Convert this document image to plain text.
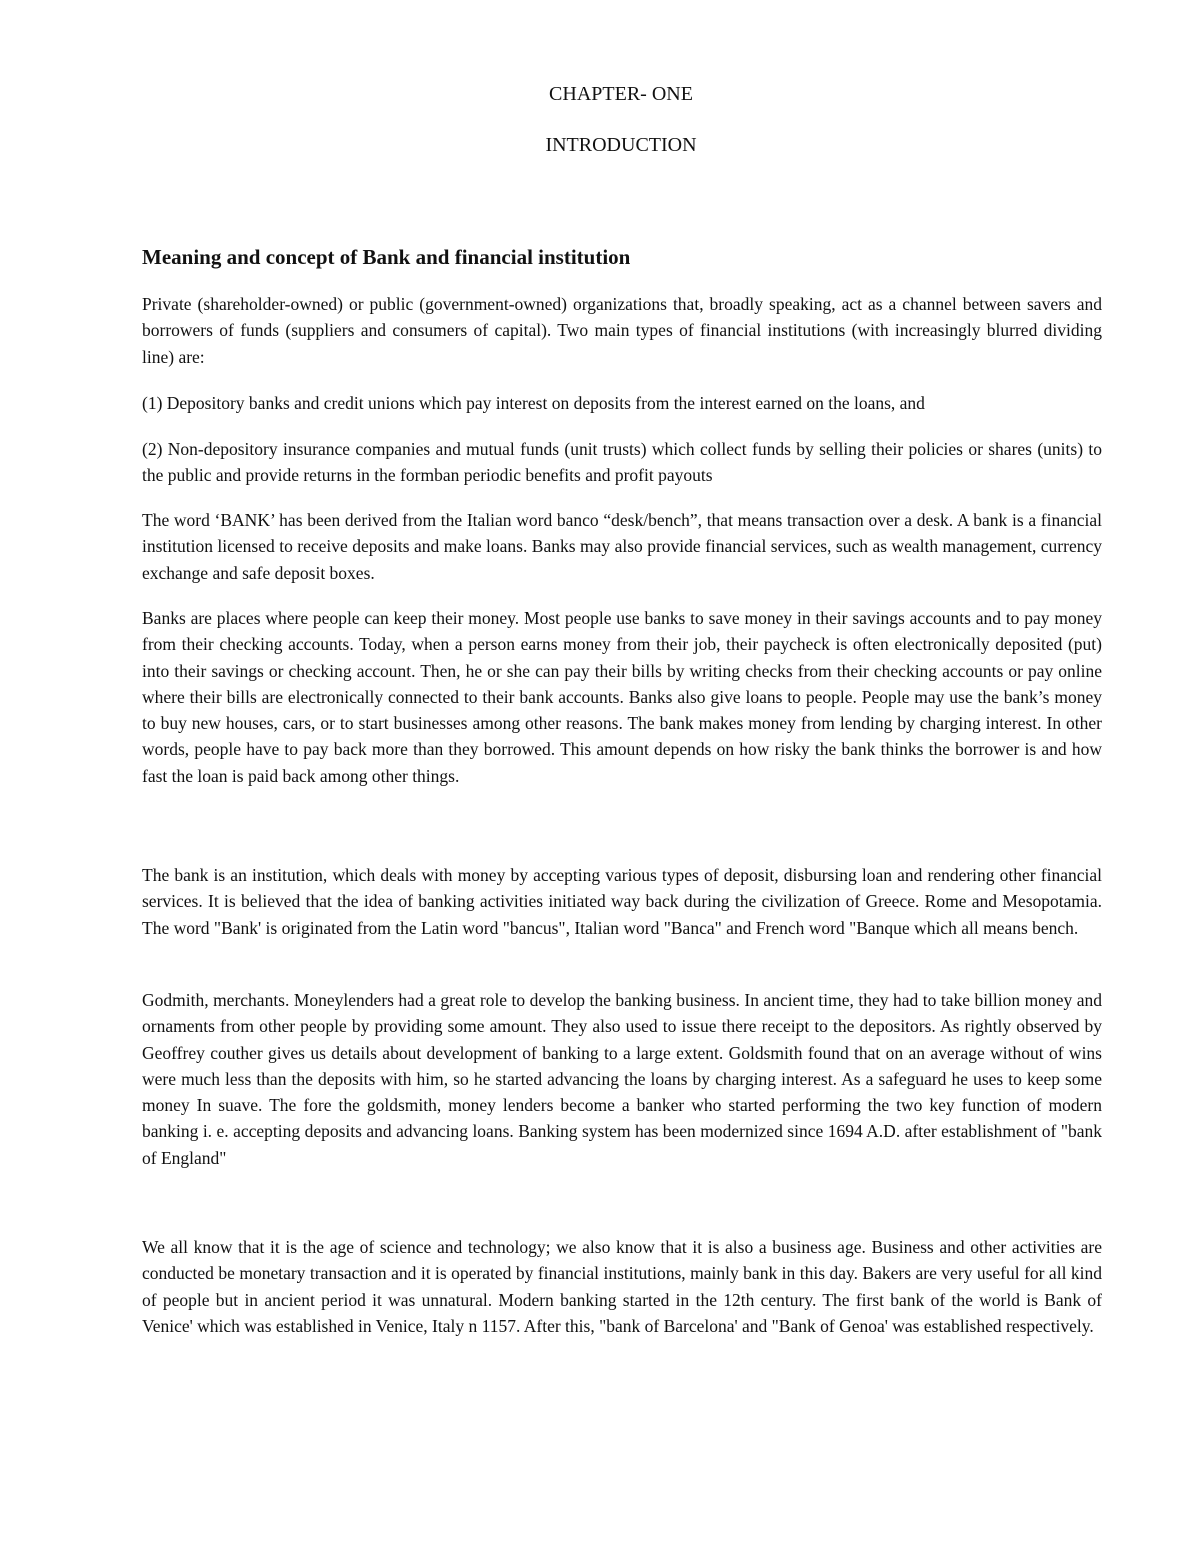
CHAPTER- ONE
INTRODUCTION
Meaning and concept of Bank and financial institution

Private (shareholder-owned) or public (government-owned) organizations that, broadly speaking, act as a channel between savers and borrowers of funds (suppliers and consumers of capital). Two main types of financial institutions (with increasingly blurred dividing line) are:

(1) Depository banks and credit unions which pay interest on deposits from the interest earned on the loans, and

(2) Non-depository insurance companies and mutual funds (unit trusts) which collect funds by selling their policies or shares (units) to the public and provide returns in the formban periodic benefits and profit payouts

The word ‘BANK’ has been derived from the Italian word banco “desk/bench”, that means transaction over a desk. A bank is a financial institution licensed to receive deposits and make loans. Banks may also provide financial services, such as wealth management, currency exchange and safe deposit boxes.

Banks are places where people can keep their money. Most people use banks to save money in their savings accounts and to pay money from their checking accounts. Today, when a person earns money from their job, their paycheck is often electronically deposited (put) into their savings or checking account. Then, he or she can pay their bills by writing checks from their checking accounts or pay online where their bills are electronically connected to their bank accounts. Banks also give loans to people. People may use the bank’s money to buy new houses, cars, or to start businesses among other reasons. The bank makes money from lending by charging interest. In other words, people have to pay back more than they borrowed. This amount depends on how risky the bank thinks the borrower is and how fast the loan is paid back among other things.

The bank is an institution, which deals with money by accepting various types of deposit, disbursing loan and rendering other financial services. It is believed that the idea of banking activities initiated way back during the civilization of Greece. Rome and Mesopotamia. The word "Bank' is originated from the Latin word "bancus", Italian word "Banca" and French word "Banque which all means bench.

Godmith, merchants. Moneylenders had a great role to develop the banking business. In ancient time, they had to take billion money and ornaments from other people by providing some amount. They also used to issue there receipt to the depositors. As rightly observed by Geoffrey couther gives us details about development of banking to a large extent. Goldsmith found that on an average without of wins were much less than the deposits with him, so he started advancing the loans by charging interest. As a safeguard he uses to keep some money In suave. The fore the goldsmith, money lenders become a banker who started performing the two key function of modern banking i. e. accepting deposits and advancing loans. Banking system has been modernized since 1694 A.D. after establishment of "bank of England"

We all know that it is the age of science and technology; we also know that it is also a business age. Business and other activities are conducted be monetary transaction and it is operated by financial institutions, mainly bank in this day. Bakers are very useful for all kind of people but in ancient period it was unnatural. Modern banking started in the 12th century. The first bank of the world is Bank of Venice' which was established in Venice, Italy n 1157. After this, "bank of Barcelona' and "Bank of Genoa' was established respectively.
